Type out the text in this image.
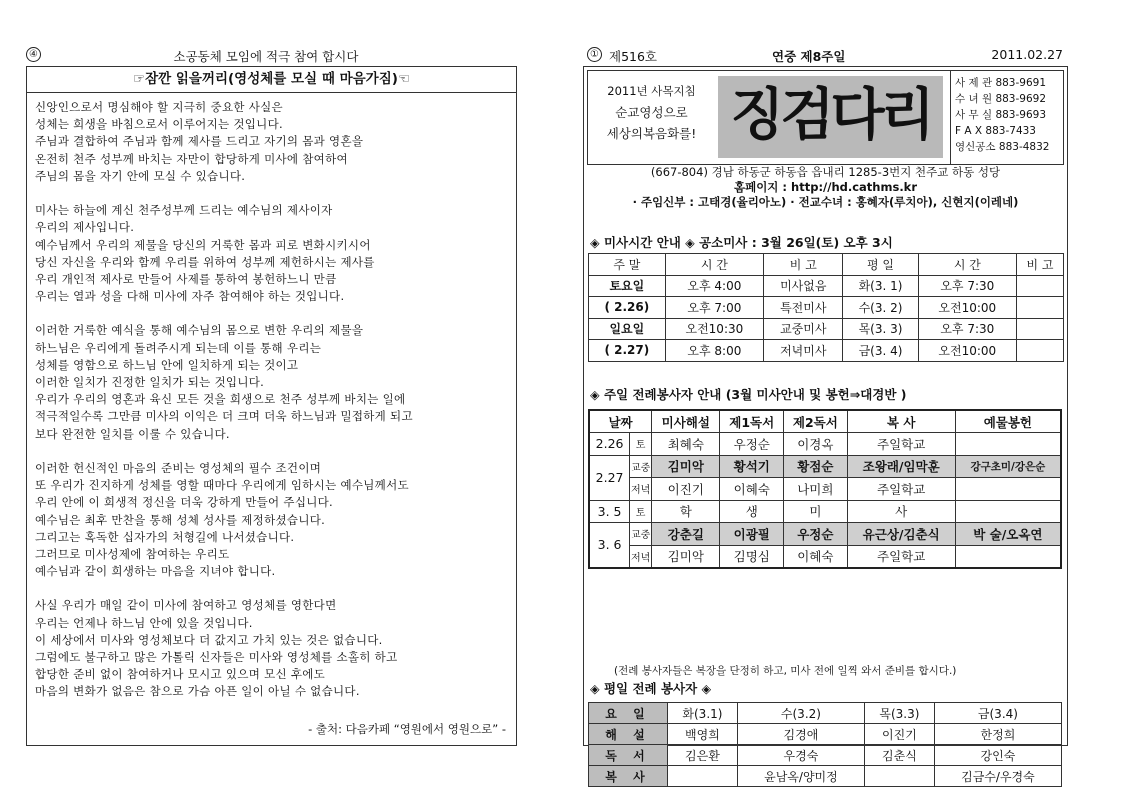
④	소공동체 모임에 적극 참여 합시다
☞잠깐 읽을꺼리(영성체를 모실 때 마음가짐)☜

신앙인으로서 명심해야 할 지극히 중요한 사실은

성체는 희생을 바침으로서 이루어지는 것입니다.

주님과 결합하여 주님과 함께 제사를 드리고 자기의 몸과 영혼을

온전히 천주 성부께 바치는 자만이 합당하게 미사에 참여하여

주님의 몸을 자기 안에 모실 수 있습니다.

미사는 하늘에 계신 천주성부께 드리는 예수님의 제사이자

우리의 제사입니다.

예수님께서 우리의 제물을 당신의 거룩한 몸과 피로 변화시키시어

당신 자신을 우리와 함께 우리를 위하여 성부께 제헌하시는 제사를

우리 개인적 제사로 만들어 사제를 통하여 봉헌하느니 만큼

우리는 열과 성을 다해 미사에 자주 참여해야 하는 것입니다.

이러한 거룩한 예식을 통해 예수님의 몸으로 변한 우리의 제물을

하느님은 우리에게 돌려주시게 되는데 이를 통해 우리는

성체를 영함으로 하느님 안에 일치하게 되는 것이고

이러한 일치가 진정한 일치가 되는 것입니다.

우리가 우리의 영혼과 육신 모든 것을 희생으로 천주 성부께 바치는 일에

적극적일수록 그만큼 미사의 이익은 더 크며 더욱 하느님과 밀접하게 되고

보다 완전한 일치를 이룰 수 있습니다.

이러한 헌신적인 마음의 준비는 영성체의 필수 조건이며

또 우리가 진지하게 성체를 영할 때마다 우리에게 임하시는 예수님께서도

우리 안에 이 희생적 정신을 더욱 강하게 만들어 주십니다.

예수님은 최후 만찬을 통해 성체 성사를 제정하셨습니다.

그리고는 혹독한 십자가의 처형길에 나서셨습니다.

그러므로 미사성제에 참여하는 우리도

예수님과 같이 희생하는 마음을 지녀야 합니다.

사실 우리가 매일 같이 미사에 참여하고 영성체를 영한다면

우리는 언제나 하느님 안에 있을 것입니다.

이 세상에서 미사와 영성체보다 더 값지고 가치 있는 것은 없습니다.

그럼에도 불구하고 많은 가톨릭 신자들은 미사와 영성체를 소홀히 하고

합당한 준비 없이 참여하거나 모시고 있으며 모신 후에도

마음의 변화가 없음은 참으로 가슴 아픈 일이 아닐 수 없습니다.

- 출처: 다음카페 “영원에서 영원으로” -
① 제516호	연중 제8주일	2011.02.27
2011년 사목지침
순교영성으로
세상의복음화를! 징검다리	사 제 관 883-9691
수 녀 원 883-9692
사 무 실 883-9693
F A X 883-7433
영신공소 883-4832
(667-804) 경남 하동군 하동읍 읍내리 1285-3번지 천주교 하동 성당
홈페이지 : http://hd.cathms.kr
· 주임신부 : 고태경(율리아노) · 전교수녀 : 홍혜자(루치아), 신현지(이레네)
◈ 미사시간 안내 ◈ 공소미사 : 3월 26일(토) 오후 3시
주 말	시 간	비 고	평 일	시 간	비 고
토요일	오후 4:00	미사없음	화(3. 1)	오후 7:30	
( 2.26)	오후 7:00	특전미사	수(3. 2)	오전10:00	
일요일	오전10:30	교중미사	목(3. 3)	오후 7:30	
( 2.27)	오후 8:00	저녁미사	금(3. 4)	오전10:00	
◈ 주일 전례봉사자 안내 (3월 미사안내 및 봉헌⇒대경반 )
날짜		미사해설	제1독서	제2독서	복 사	예물봉헌
2.26	토	최혜숙	우정순	이경옥	주일학교	
2.27	교중	김미악	황석기	황점순	조왕래/임막훈	강구초미/강은순
	저녁	이진기	이혜숙	나미희	주일학교	
3. 5	토	학	생	미	사	
3. 6	교중	강춘길	이광필	우정순	유근상/김춘식	박 술/오옥연
	저녁	김미악	김명심	이혜숙	주일학교	
(전례 봉사자들은 복장을 단정히 하고, 미사 전에 일찍 와서 준비를 합시다.)
◈ 평일 전례 봉사자 ◈
요 일	화(3.1)	수(3.2)	목(3.3)	금(3.4)
해 설	백영희	김경애	이진기	한정희
독 서	김은환	우경숙	김춘식	강인숙
복 사		윤남옥/양미정		김금수/우경숙
